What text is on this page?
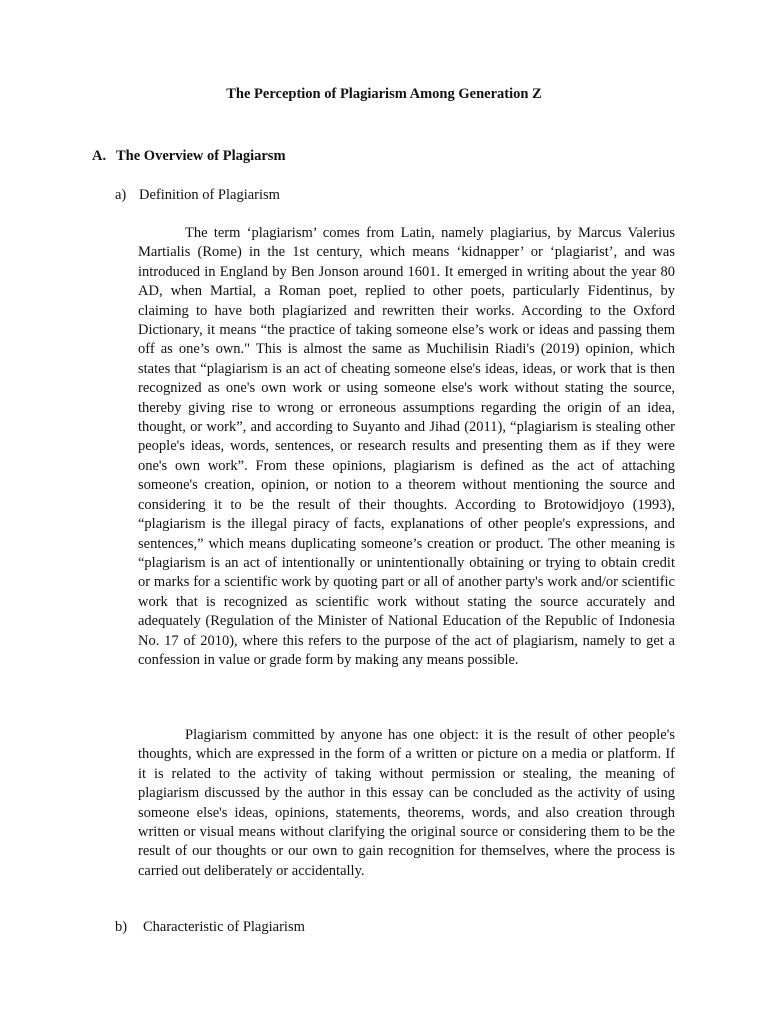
The Perception of Plagiarism Among Generation Z
A. The Overview of Plagiarsm
a) Definition of Plagiarism

The term ‘plagiarism’ comes from Latin, namely plagiarius, by Marcus Valerius Martialis (Rome) in the 1st century, which means ‘kidnapper’ or ‘plagiarist’, and was introduced in England by Ben Jonson around 1601. It emerged in writing about the year 80 AD, when Martial, a Roman poet, replied to other poets, particularly Fidentinus, by claiming to have both plagiarized and rewritten their works. According to the Oxford Dictionary, it means “the practice of taking someone else’s work or ideas and passing them off as one’s own." This is almost the same as Muchilisin Riadi's (2019) opinion, which states that “plagiarism is an act of cheating someone else's ideas, ideas, or work that is then recognized as one's own work or using someone else's work without stating the source, thereby giving rise to wrong or erroneous assumptions regarding the origin of an idea, thought, or work”, and according to Suyanto and Jihad (2011), “plagiarism is stealing other people's ideas, words, sentences, or research results and presenting them as if they were one's own work”. From these opinions, plagiarism is defined as the act of attaching someone's creation, opinion, or notion to a theorem without mentioning the source and considering it to be the result of their thoughts. According to Brotowidjoyo (1993), “plagiarism is the illegal piracy of facts, explanations of other people's expressions, and sentences,” which means duplicating someone’s creation or product. The other meaning is “plagiarism is an act of intentionally or unintentionally obtaining or trying to obtain credit or marks for a scientific work by quoting part or all of another party's work and/or scientific work that is recognized as scientific work without stating the source accurately and adequately (Regulation of the Minister of National Education of the Republic of Indonesia No. 17 of 2010), where this refers to the purpose of the act of plagiarism, namely to get a confession in value or grade form by making any means possible.

Plagiarism committed by anyone has one object: it is the result of other people's thoughts, which are expressed in the form of a written or picture on a media or platform. If it is related to the activity of taking without permission or stealing, the meaning of plagiarism discussed by the author in this essay can be concluded as the activity of using someone else's ideas, opinions, statements, theorems, words, and also creation through written or visual means without clarifying the original source or considering them to be the result of our thoughts or our own to gain recognition for themselves, where the process is carried out deliberately or accidentally.

b) Characteristic of Plagiarism
